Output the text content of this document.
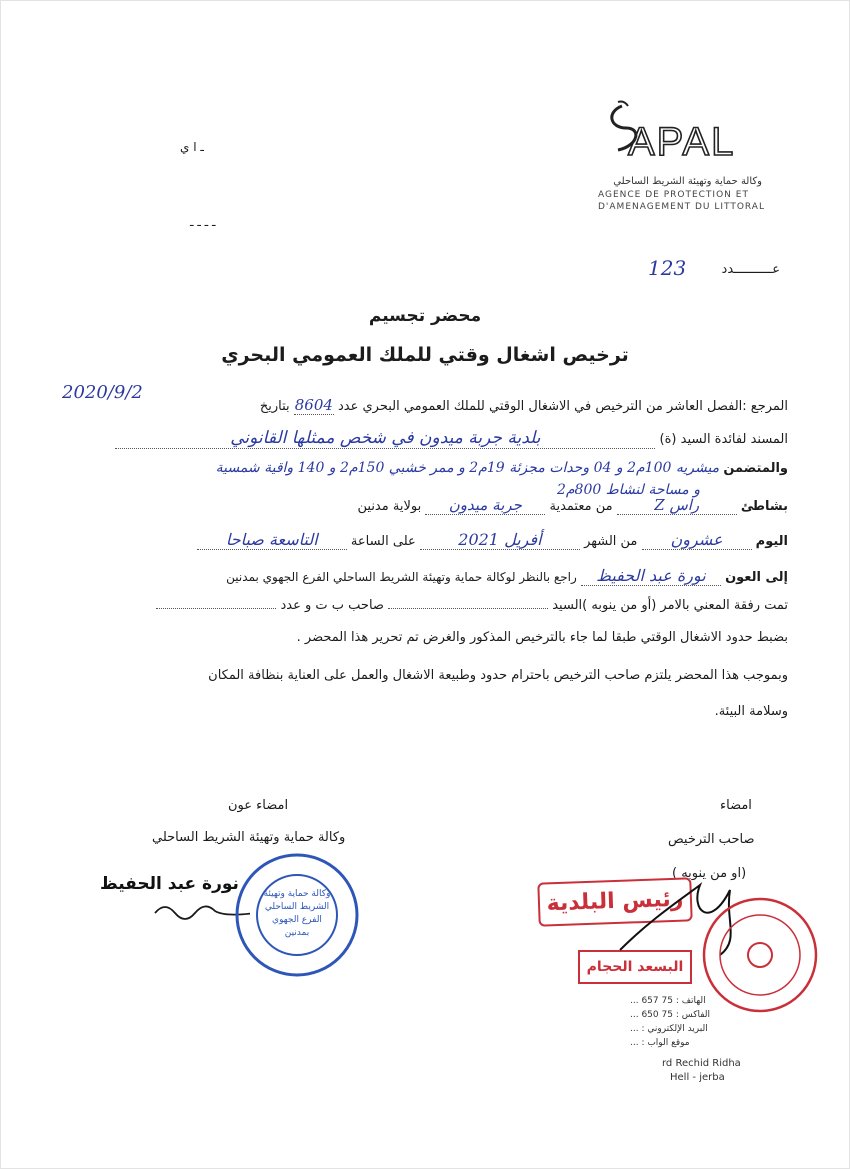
APAL
وكالة حماية وتهيئة الشريط الساحلي
AGENCE DE PROTECTION ET
D'AMENAGEMENT DU LITTORAL
ـ ا ي
ـ ـ ـ ـ
عــــــــــدد
123
محضر تجسيم
ترخيص اشغال وقتي للملك العمومي البحري
المرجع :الفصل العاشر من الترخيص في الاشغال الوقتي للملك العمومي البحري عدد 8604 بتاريخ
2020/9/2
المسند لفائدة السيد (ة) بلدية جربة ميدون في شخص ممثلها القانوني
والمتضمن ميشريه 100م2 و 04 وحدات مجزئة 19م2 و ممر خشبي 150م2 و 140 واقية شمسية
و مساحة لنشاط 800م2
بشاطئ راس Z من معتمدية جربة ميدون بولاية مدنين
اليوم عشرون من الشهر أفريل 2021 على الساعة التاسعة صباحا
إلى العون نورة عبد الحفيظ راجع بالنظر لوكالة حماية وتهيئة الشريط الساحلي الفرع الجهوي بمدنين
تمت رفقة المعني بالامر (أو من ينوبه )السيد  صاحب ب ت و عدد
بضبط حدود الاشغال الوقتي طبقا لما جاء بالترخيص المذكور والغرض تم تحرير هذا المحضر .
وبموجب هذا المحضر يلتزم صاحب الترخيص باحترام حدود وطبيعة الاشغال والعمل على العناية بنظافة المكان
وسلامة البيئة.
امضاء عون
وكالة حماية وتهيئة الشريط الساحلي
نورة عبد الحفيظ	وكالة حماية وتهيئة الشريط الساحلي الفرع الجهوي بمدنين
امضاء
صاحب الترخيص
(او من ينوبه )
رئيس البلدية
البسعد الحجام
الهاتف : 75 657 ...
الفاكس : 75 650 ...
البريد الإلكتروني : ...
موقع الواب : ...
rd Rechid Ridha
Hell - jerba
